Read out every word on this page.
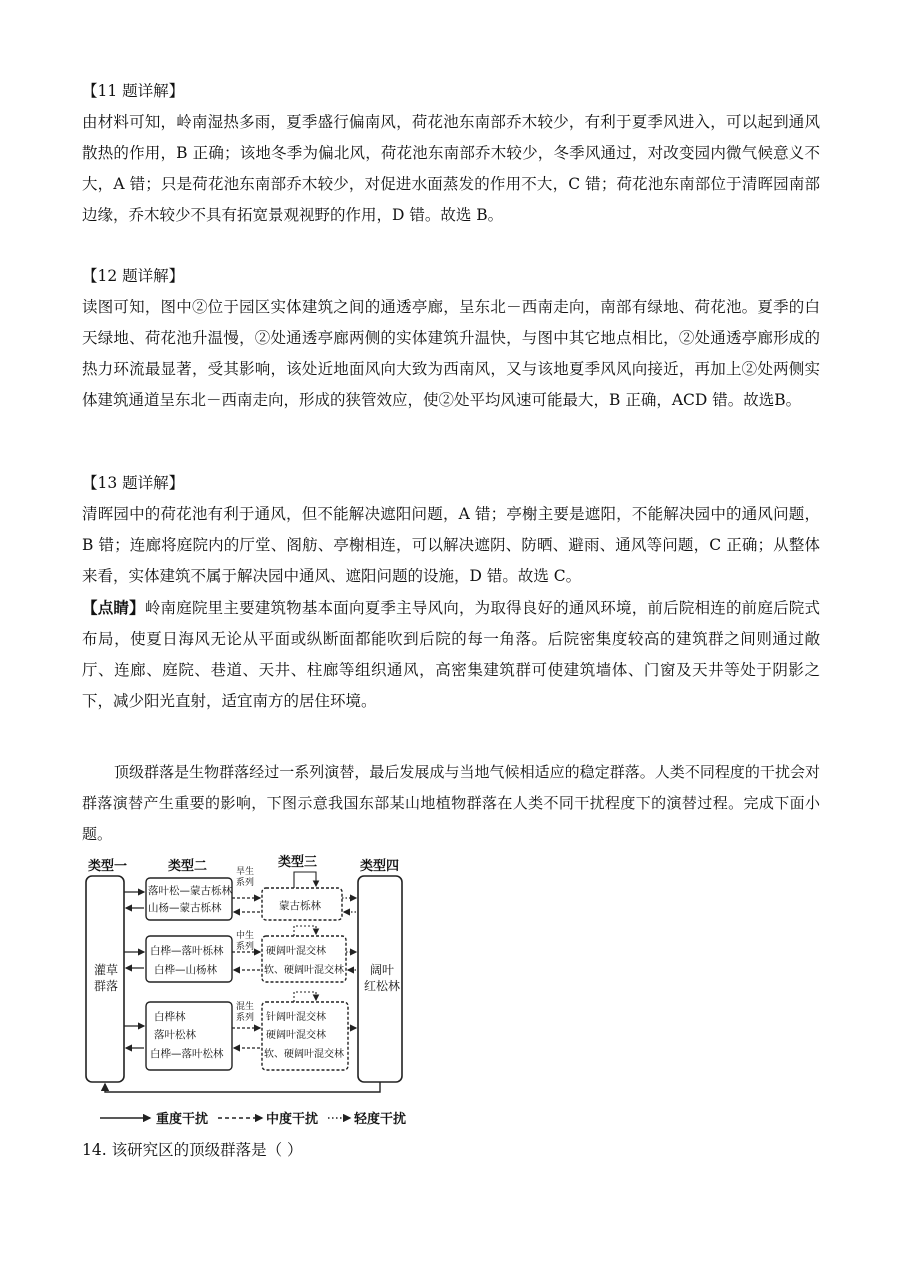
【11 题详解】

由材料可知，岭南湿热多雨，夏季盛行偏南风，荷花池东南部乔木较少，有利于夏季风进入，可以起到通风散热的作用，B 正确；该地冬季为偏北风，荷花池东南部乔木较少，冬季风通过，对改变园内微气候意义不大，A 错；只是荷花池东南部乔木较少，对促进水面蒸发的作用不大，C 错；荷花池东南部位于清晖园南部边缘，乔木较少不具有拓宽景观视野的作用，D 错。故选 B。

【12 题详解】

读图可知，图中②位于园区实体建筑之间的通透亭廊，呈东北－西南走向，南部有绿地、荷花池。夏季的白天绿地、荷花池升温慢，②处通透亭廊两侧的实体建筑升温快，与图中其它地点相比，②处通透亭廊形成的热力环流最显著，受其影响，该处近地面风向大致为西南风，又与该地夏季风风向接近，再加上②处两侧实体建筑通道呈东北－西南走向，形成的狭管效应，使②处平均风速可能最大，B 正确，ACD 错。故选B。

【13 题详解】

清晖园中的荷花池有利于通风，但不能解决遮阳问题，A 错；亭榭主要是遮阳，不能解决园中的通风问题，B 错；连廊将庭院内的厅堂、阁舫、亭榭相连，可以解决遮阴、防晒、避雨、通风等问题，C 正确；从整体来看，实体建筑不属于解决园中通风、遮阳问题的设施，D 错。故选 C。

【点睛】岭南庭院里主要建筑物基本面向夏季主导风向，为取得良好的通风环境，前后院相连的前庭后院式布局，使夏日海风无论从平面或纵断面都能吹到后院的每一角落。后院密集度较高的建筑群之间则通过敞厅、连廊、庭院、巷道、天井、柱廊等组织通风，高密集建筑群可使建筑墙体、门窗及天井等处于阴影之下，减少阳光直射，适宜南方的居住环境。

顶级群落是生物群落经过一系列演替，最后发展成与当地气候相适应的稳定群落。人类不同程度的干扰会对群落演替产生重要的影响，下图示意我国东部某山地植物群落在人类不同干扰程度下的演替过程。完成下面小题。

类型一	类型二	类型三	类型四
灌草
群落
阔叶
红松林
落叶松—蒙古栎林
山杨—蒙古栎林
白桦—落叶栎林
白桦—山杨林
白桦林
落叶松林
白桦—落叶松林
蒙古栎林
硬阔叶混交林
软、硬阔叶混交林
针阔叶混交林
硬阔叶混交林
软、硬阔叶混交林
旱生
系列
中生
系列
混生
系列
重度干扰	中度干扰	轻度干扰
14. 该研究区的顶级群落是（ ）
